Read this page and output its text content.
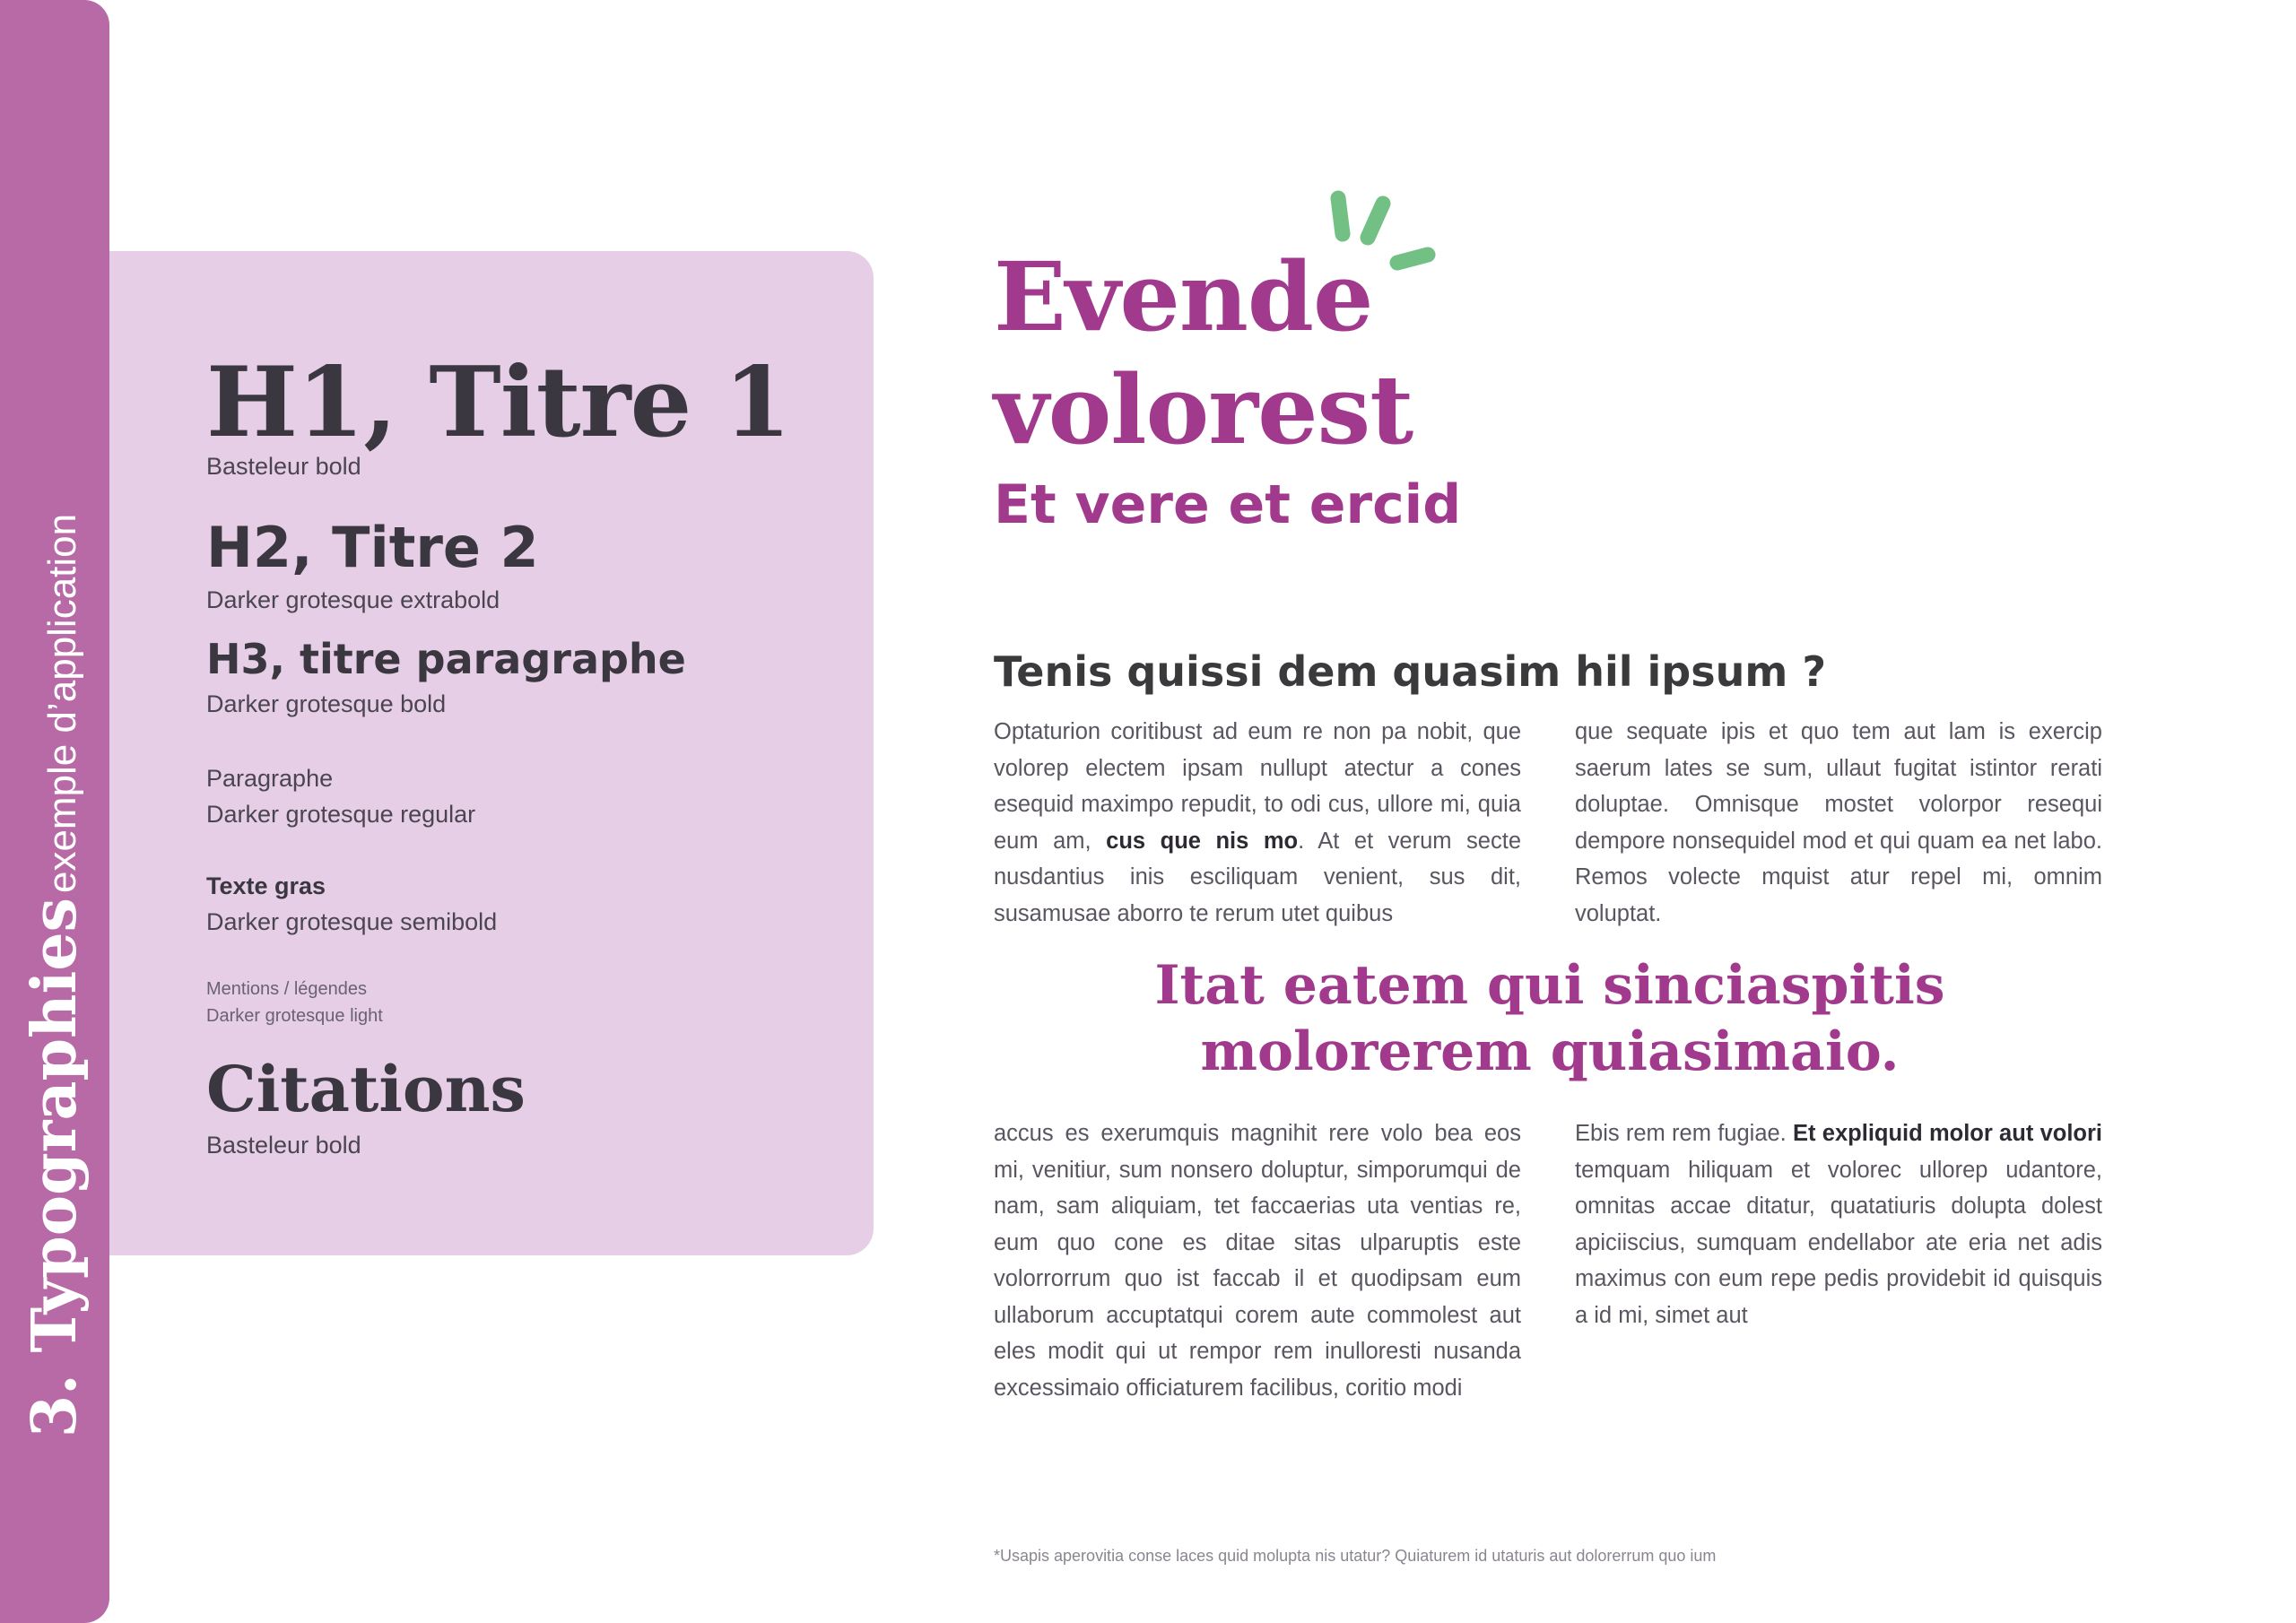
3. Typographies exemple d’application
H1, Titre 1
Basteleur bold
H2, Titre 2
Darker grotesque extrabold
H3, titre paragraphe
Darker grotesque bold
Paragraphe
Darker grotesque regular
Texte gras
Darker grotesque semibold
Mentions / légendes
Darker grotesque light
Citations
Basteleur bold
Evende
volorest
Et vere et ercid
Tenis quissi dem quasim hil ipsum ?

Optaturion coritibust ad eum re non pa nobit, que volorep electem ipsam nullupt atectur a cones esequid maximpo repudit, to odi cus, ullore mi, quia eum am, cus que nis mo. At et verum secte nusdantius inis esciliquam venient, sus dit, susamusae aborro te rerum utet quibus

que sequate ipis et quo tem aut lam is exercip saerum lates se sum, ullaut fugitat istintor rerati doluptae. Omnisque mostet volorpor resequi dempore nonsequidel mod et qui quam ea net labo. Remos volecte mquist atur repel mi, omnim voluptat.

Itat eatem qui sinciaspitis
molorerem quiasimaio.

accus es exerumquis magnihit rere volo bea eos mi, venitiur, sum nonsero doluptur, simporumqui de nam, sam aliquiam, tet faccaerias uta ventias re, eum quo cone es ditae sitas ulparuptis este volorrorrum quo ist faccab il et quodipsam eum ullaborum accuptatqui corem aute commolest aut eles modit qui ut rempor rem inulloresti nusanda excessimaio officiaturem facilibus, coritio modi

Ebis rem rem fugiae. Et expliquid molor aut volori temquam hiliquam et volorec ullorep udantore, omnitas accae ditatur, quatatiuris dolupta dolest apiciiscius, sumquam endellabor ate eria net adis maximus con eum repe pedis providebit id quisquis a id mi, simet aut

*Usapis aperovitia conse laces quid molupta nis utatur? Quiaturem id utaturis aut dolorerrum quo ium
